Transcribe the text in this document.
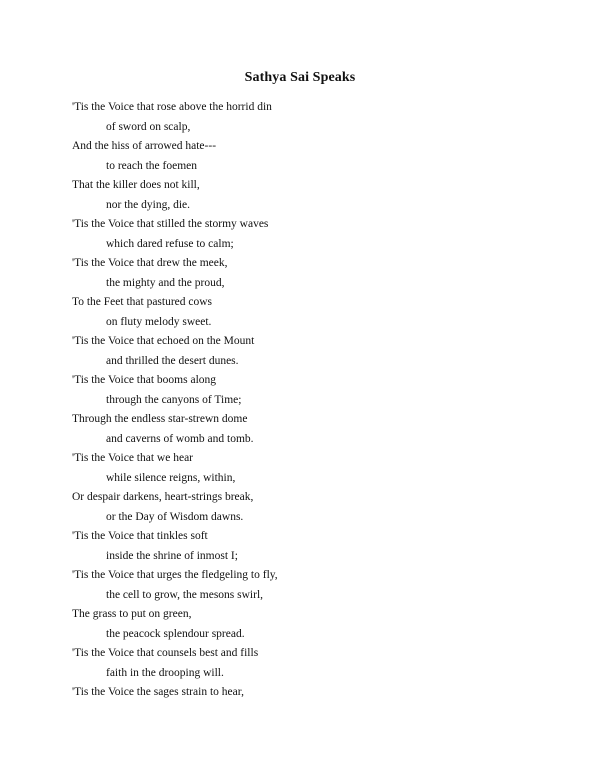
Sathya Sai Speaks
'Tis the Voice that rose above the horrid din
of sword on scalp,
And the hiss of arrowed hate---
to reach the foemen
That the killer does not kill,
nor the dying, die.
'Tis the Voice that stilled the stormy waves
which dared refuse to calm;
'Tis the Voice that drew the meek,
the mighty and the proud,
To the Feet that pastured cows
on fluty melody sweet.
'Tis the Voice that echoed on the Mount
and thrilled the desert dunes.
'Tis the Voice that booms along
through the canyons of Time;
Through the endless star-strewn dome
and caverns of womb and tomb.
'Tis the Voice that we hear
while silence reigns, within,
Or despair darkens, heart-strings break,
or the Day of Wisdom dawns.
'Tis the Voice that tinkles soft
inside the shrine of inmost I;
'Tis the Voice that urges the fledgeling to fly,
the cell to grow, the mesons swirl,
The grass to put on green,
the peacock splendour spread.
'Tis the Voice that counsels best and fills
faith in the drooping will.
'Tis the Voice the sages strain to hear,
